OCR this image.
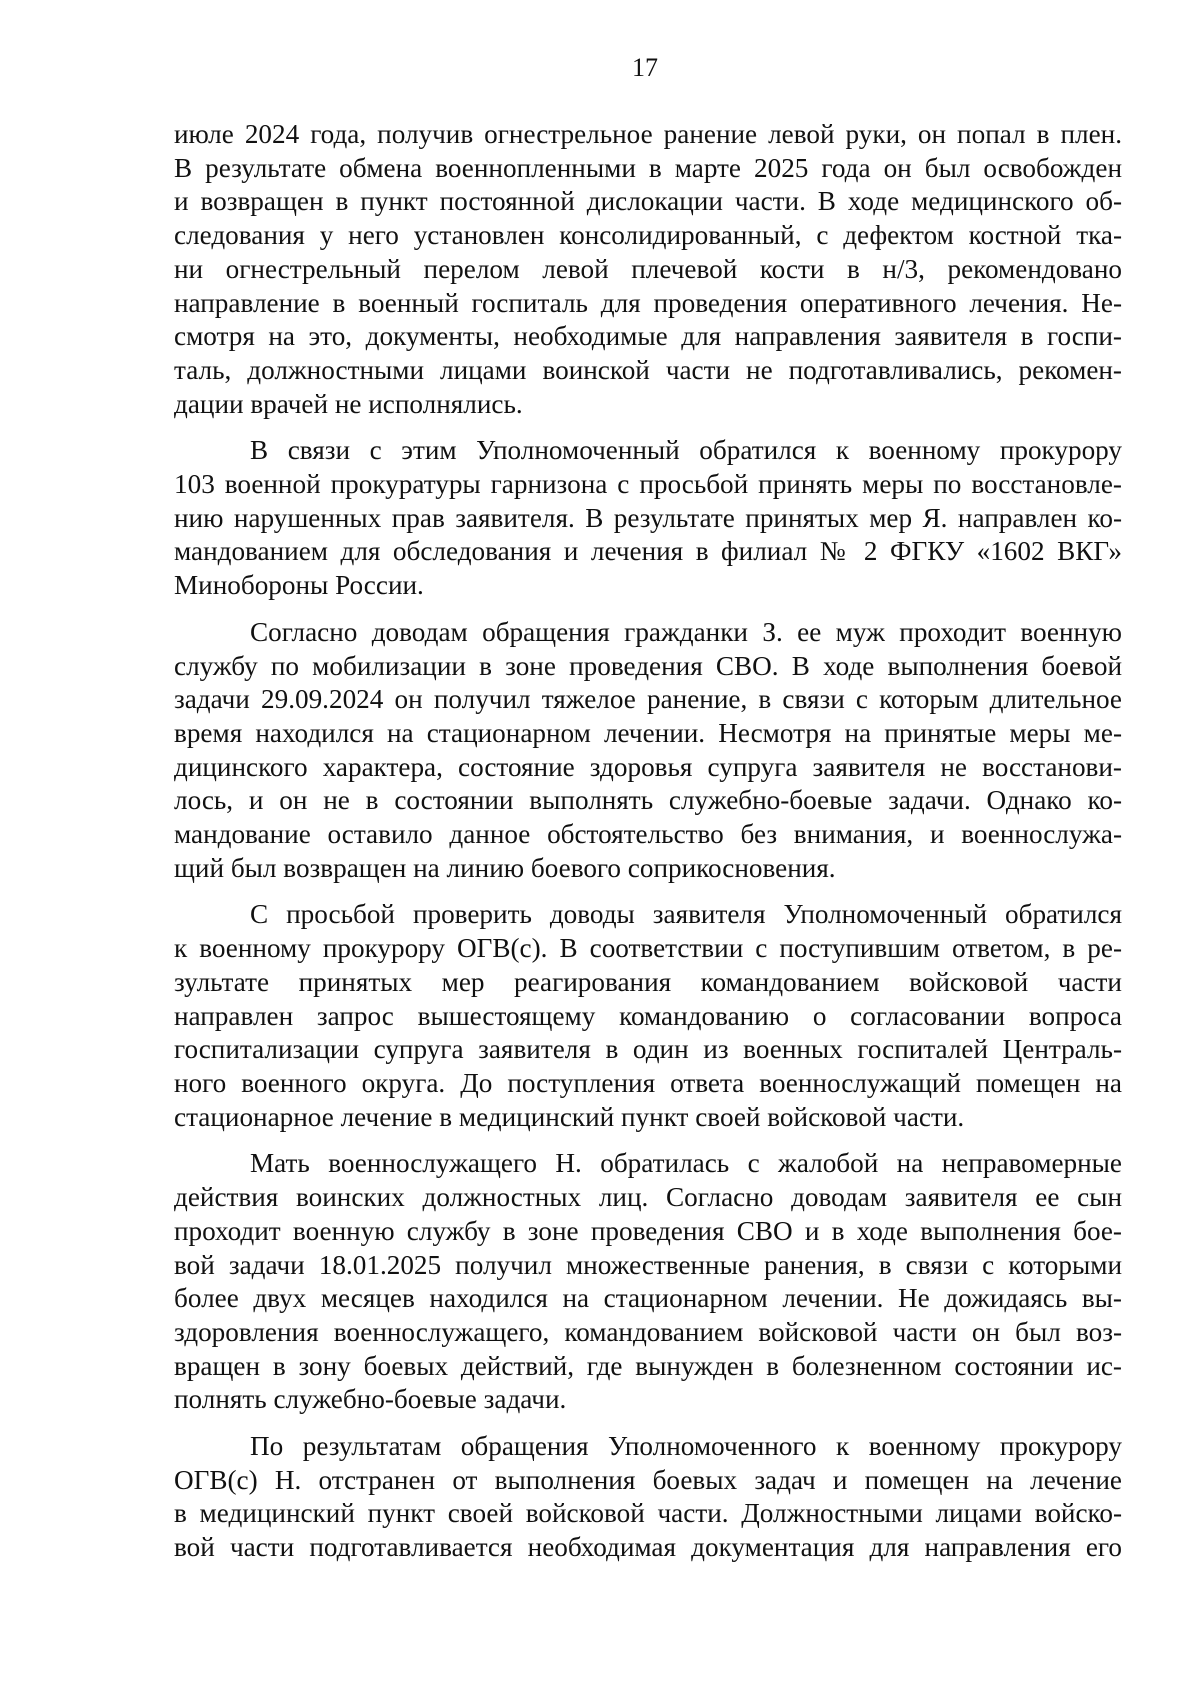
17

июле 2024 года, получив огнестрельное ранение левой руки, он попал в плен.
В результате обмена военнопленными в марте 2025 года он был освобожден
и возвращен в пункт постоянной дислокации части. В ходе медицинского об-
следования у него установлен консолидированный, с дефектом костной тка-
ни огнестрельный перелом левой плечевой кости в н/3, рекомендовано
направление в военный госпиталь для проведения оперативного лечения. Не-
смотря на это, документы, необходимые для направления заявителя в госпи-
таль, должностными лицами воинской части не подготавливались, рекомен-
дации врачей не исполнялись.

В связи с этим Уполномоченный обратился к военному прокурору
103 военной прокуратуры гарнизона с просьбой принять меры по восстановле-
нию нарушенных прав заявителя. В результате принятых мер Я. направлен ко-
мандованием для обследования и лечения в филиал № 2 ФГКУ «1602 ВКГ»
Минобороны России.

Согласно доводам обращения гражданки З. ее муж проходит военную
службу по мобилизации в зоне проведения СВО. В ходе выполнения боевой
задачи 29.09.2024 он получил тяжелое ранение, в связи с которым длительное
время находился на стационарном лечении. Несмотря на принятые меры ме-
дицинского характера, состояние здоровья супруга заявителя не восстанови-
лось, и он не в состоянии выполнять служебно-боевые задачи. Однако ко-
мандование оставило данное обстоятельство без внимания, и военнослужа-
щий был возвращен на линию боевого соприкосновения.

С просьбой проверить доводы заявителя Уполномоченный обратился
к военному прокурору ОГВ(с). В соответствии с поступившим ответом, в ре-
зультате принятых мер реагирования командованием войсковой части
направлен запрос вышестоящему командованию о согласовании вопроса
госпитализации супруга заявителя в один из военных госпиталей Централь-
ного военного округа. До поступления ответа военнослужащий помещен на
стационарное лечение в медицинский пункт своей войсковой части.

Мать военнослужащего Н. обратилась с жалобой на неправомерные
действия воинских должностных лиц. Согласно доводам заявителя ее сын
проходит военную службу в зоне проведения СВО и в ходе выполнения бое-
вой задачи 18.01.2025 получил множественные ранения, в связи с которыми
более двух месяцев находился на стационарном лечении. Не дожидаясь вы-
здоровления военнослужащего, командованием войсковой части он был воз-
вращен в зону боевых действий, где вынужден в болезненном состоянии ис-
полнять служебно-боевые задачи.

По результатам обращения Уполномоченного к военному прокурору
ОГВ(с) Н. отстранен от выполнения боевых задач и помещен на лечение
в медицинский пункт своей войсковой части. Должностными лицами войско-
вой части подготавливается необходимая документация для направления его
